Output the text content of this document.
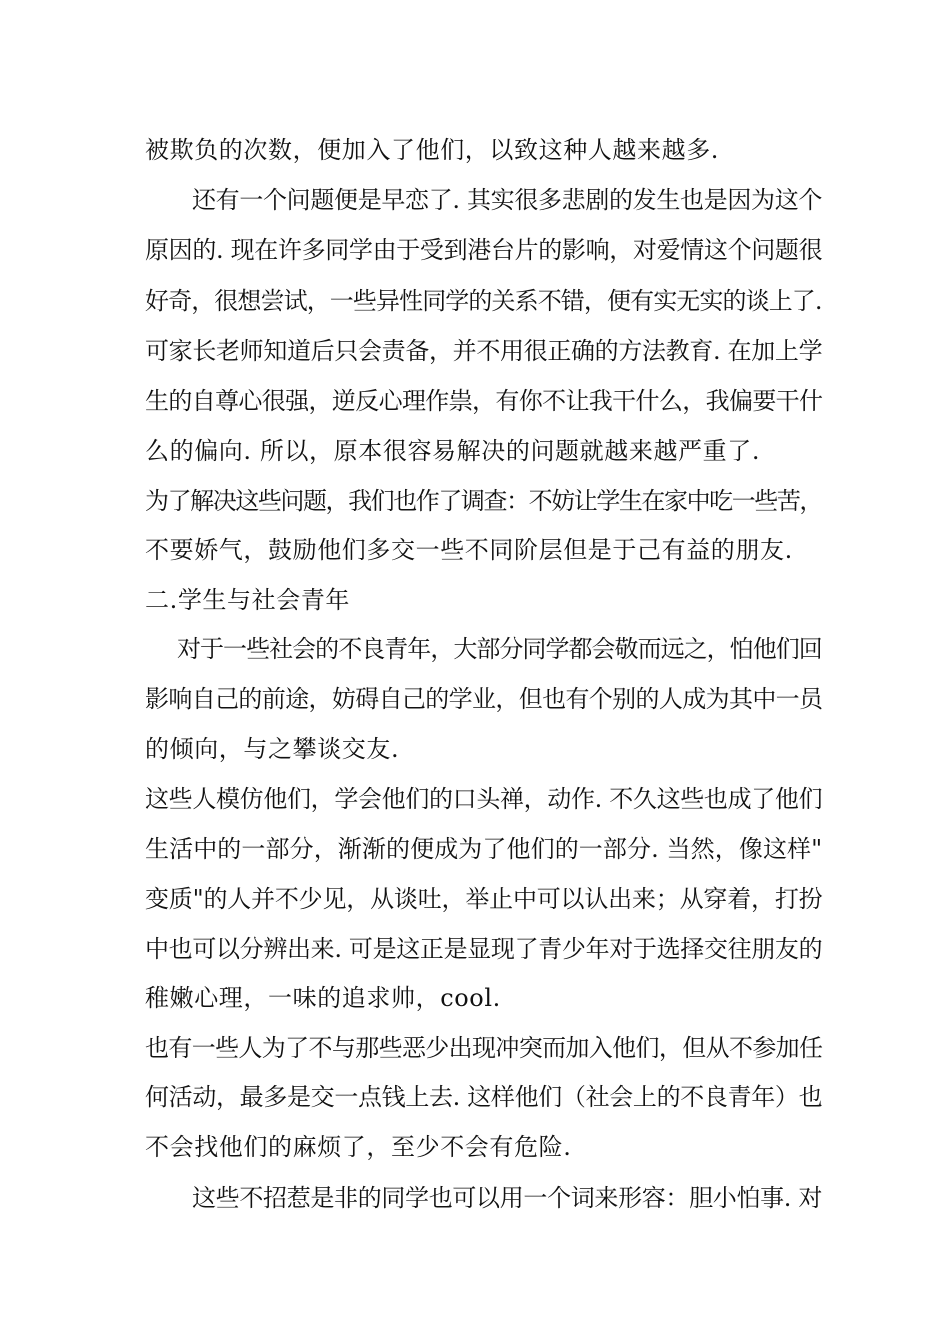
被欺负的次数，便加入了他们，以致这种人越来越多.
还有一个问题便是早恋了. 其实很多悲剧的发生也是因为这个
原因的. 现在许多同学由于受到港台片的影响，对爱情这个问题很
好奇，很想尝试，一些异性同学的关系不错，便有实无实的谈上了.
可家长老师知道后只会责备，并不用很正确的方法教育. 在加上学
生的自尊心很强，逆反心理作祟，有你不让我干什么，我偏要干什
么的偏向. 所以，原本很容易解决的问题就越来越严重了.
为了解决这些问题，我们也作了调查：不妨让学生在家中吃一些苦，
不要娇气，鼓励他们多交一些不同阶层但是于己有益的朋友.
二.学生与社会青年
对于一些社会的不良青年，大部分同学都会敬而远之，怕他们回
影响自己的前途，妨碍自己的学业，但也有个别的人成为其中一员
的倾向，与之攀谈交友.
这些人模仿他们，学会他们的口头禅，动作. 不久这些也成了他们
生活中的一部分，渐渐的便成为了他们的一部分. 当然，像这样"
变质"的人并不少见，从谈吐，举止中可以认出来；从穿着，打扮
中也可以分辨出来. 可是这正是显现了青少年对于选择交往朋友的
稚嫩心理，一味的追求帅，cool.
也有一些人为了不与那些恶少出现冲突而加入他们，但从不参加任
何活动，最多是交一点钱上去. 这样他们（社会上的不良青年）也
不会找他们的麻烦了，至少不会有危险.
这些不招惹是非的同学也可以用一个词来形容：胆小怕事. 对
